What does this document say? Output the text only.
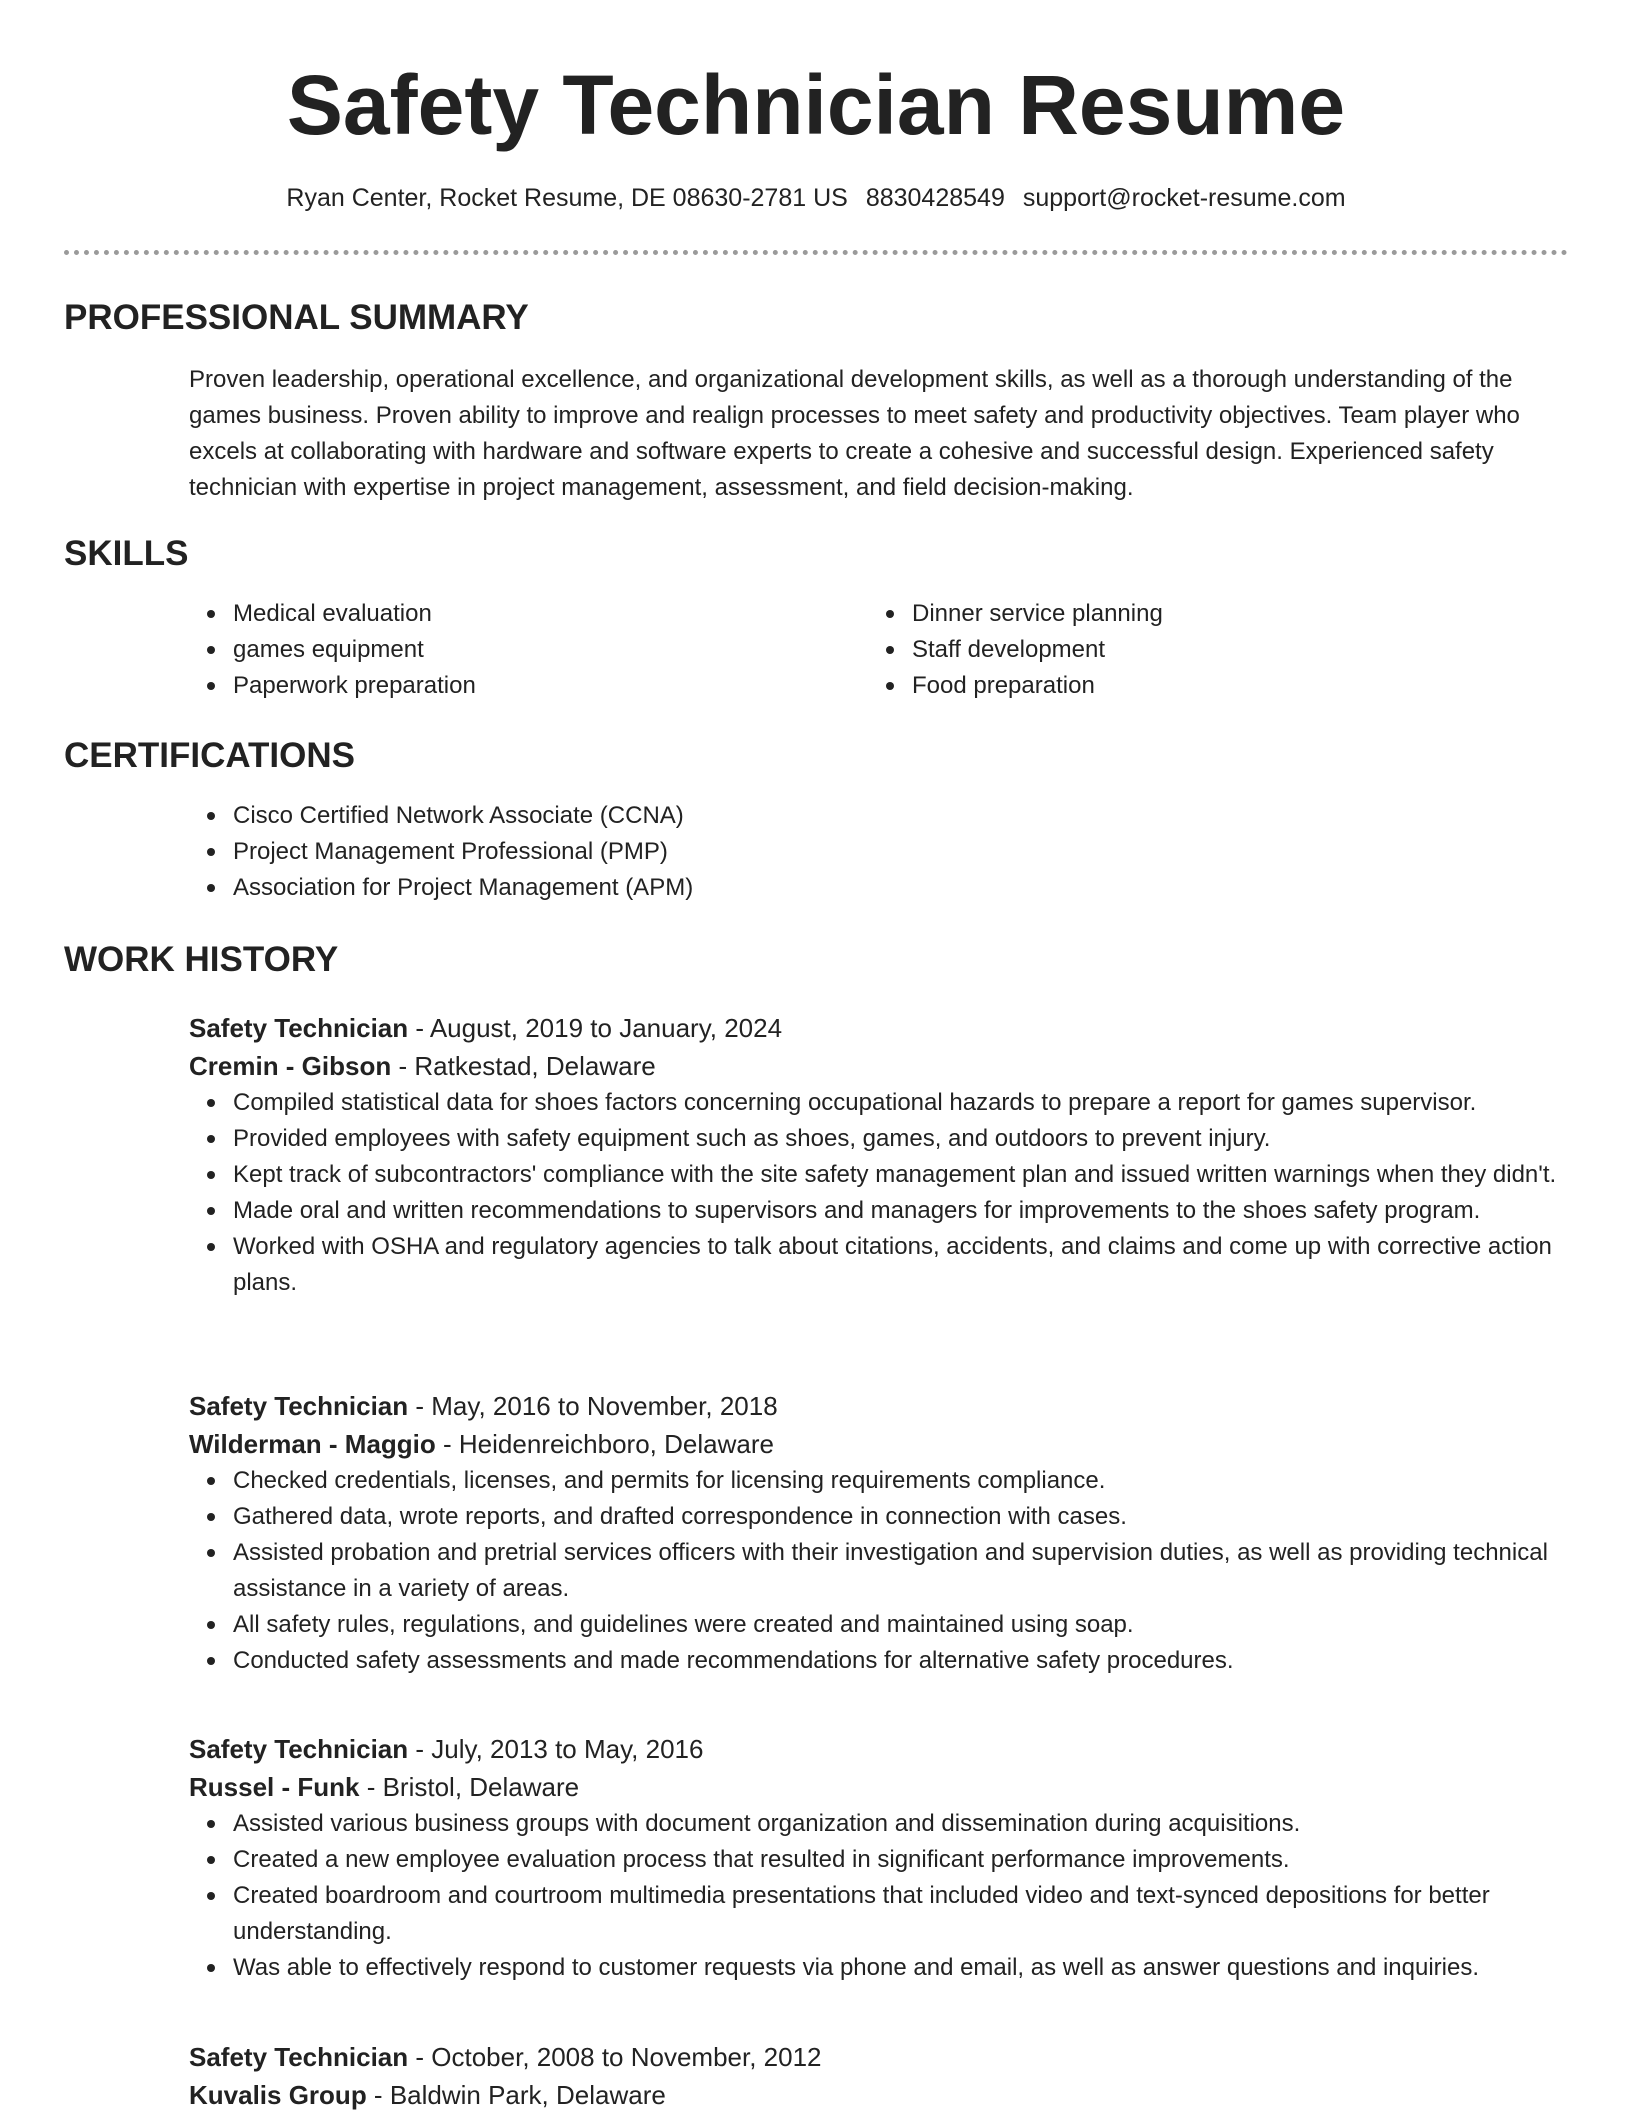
Safety Technician Resume
Ryan Center, Rocket Resume, DE 08630-2781 US 8830428549 support@rocket-resume.com
PROFESSIONAL SUMMARY
Proven leadership, operational excellence, and organizational development skills, as well as a thorough understanding of the games business. Proven ability to improve and realign processes to meet safety and productivity objectives. Team player who excels at collaborating with hardware and software experts to create a cohesive and successful design. Experienced safety technician with expertise in project management, assessment, and field decision-making.
SKILLS
Medical evaluation
games equipment
Paperwork preparation
Dinner service planning
Staff development
Food preparation
CERTIFICATIONS
Cisco Certified Network Associate (CCNA)
Project Management Professional (PMP)
Association for Project Management (APM)
WORK HISTORY
Safety Technician - August, 2019 to January, 2024
Cremin - Gibson - Ratkestad, Delaware
Compiled statistical data for shoes factors concerning occupational hazards to prepare a report for games supervisor.
Provided employees with safety equipment such as shoes, games, and outdoors to prevent injury.
Kept track of subcontractors' compliance with the site safety management plan and issued written warnings when they didn't.
Made oral and written recommendations to supervisors and managers for improvements to the shoes safety program.
Worked with OSHA and regulatory agencies to talk about citations, accidents, and claims and come up with corrective action plans.
Safety Technician - May, 2016 to November, 2018
Wilderman - Maggio - Heidenreichboro, Delaware
Checked credentials, licenses, and permits for licensing requirements compliance.
Gathered data, wrote reports, and drafted correspondence in connection with cases.
Assisted probation and pretrial services officers with their investigation and supervision duties, as well as providing technical assistance in a variety of areas.
All safety rules, regulations, and guidelines were created and maintained using soap.
Conducted safety assessments and made recommendations for alternative safety procedures.
Safety Technician - July, 2013 to May, 2016
Russel - Funk - Bristol, Delaware
Assisted various business groups with document organization and dissemination during acquisitions.
Created a new employee evaluation process that resulted in significant performance improvements.
Created boardroom and courtroom multimedia presentations that included video and text-synced depositions for better understanding.
Was able to effectively respond to customer requests via phone and email, as well as answer questions and inquiries.
Safety Technician - October, 2008 to November, 2012
Kuvalis Group - Baldwin Park, Delaware
